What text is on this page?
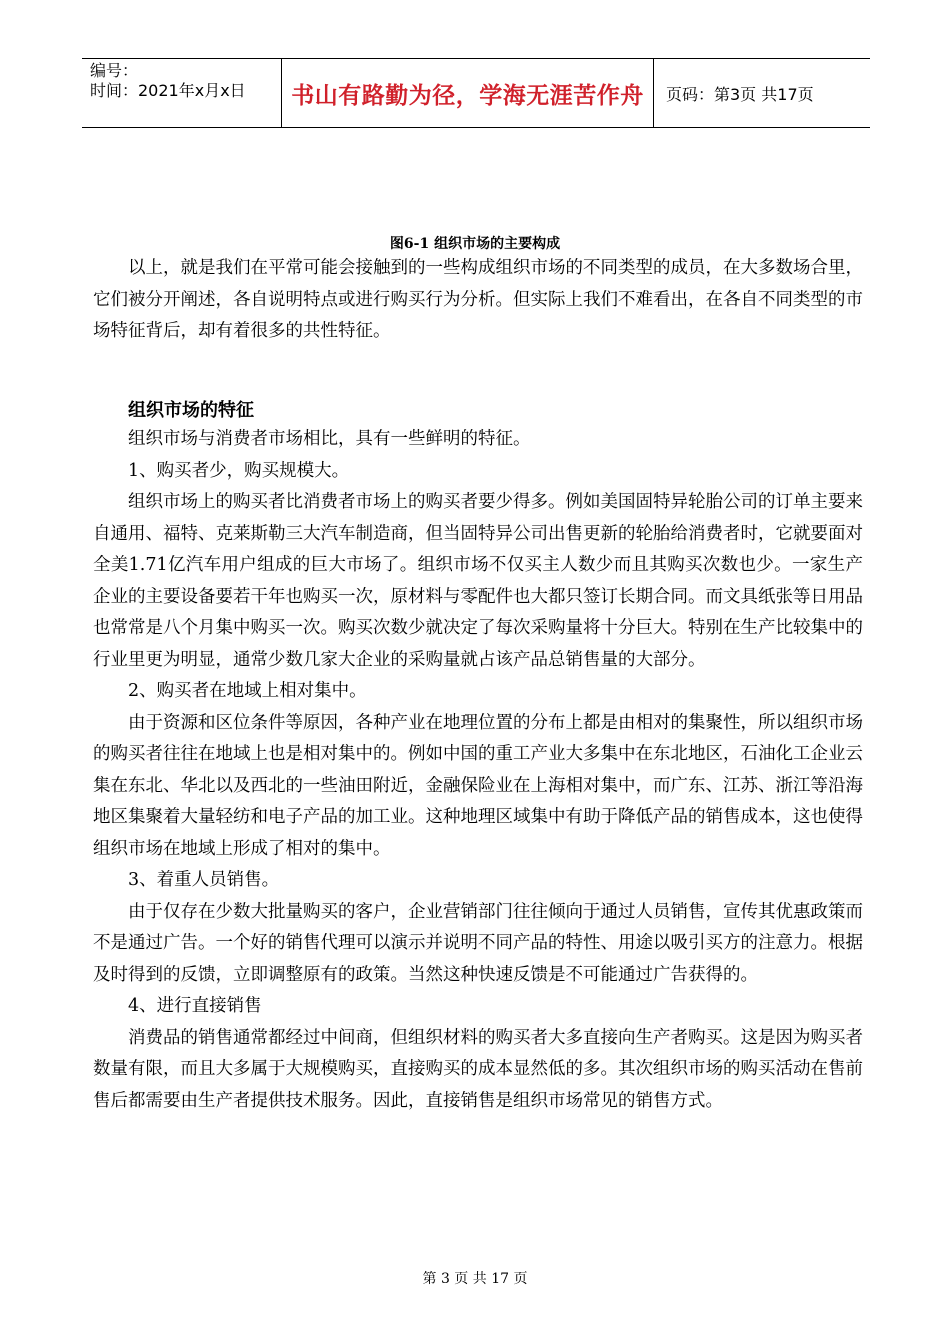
编号：
时间：2021年x月x日 书山有路勤为径，学海无涯苦作舟	页码：第3页 共17页
图6-1 组织市场的主要构成

以上，就是我们在平常可能会接触到的一些构成组织市场的不同类型的成员，在大多数场合里，它们被分开阐述，各自说明特点或进行购买行为分析。但实际上我们不难看出，在各自不同类型的市场特征背后，却有着很多的共性特征。

组织市场的特征

组织市场与消费者市场相比，具有一些鲜明的特征。

1、购买者少，购买规模大。

组织市场上的购买者比消费者市场上的购买者要少得多。例如美国固特异轮胎公司的订单主要来自通用、福特、克莱斯勒三大汽车制造商，但当固特异公司出售更新的轮胎给消费者时，它就要面对全美1.71亿汽车用户组成的巨大市场了。组织市场不仅买主人数少而且其购买次数也少。一家生产企业的主要设备要若干年也购买一次，原材料与零配件也大都只签订长期合同。而文具纸张等日用品也常常是八个月集中购买一次。购买次数少就决定了每次采购量将十分巨大。特别在生产比较集中的行业里更为明显，通常少数几家大企业的采购量就占该产品总销售量的大部分。

2、购买者在地域上相对集中。

由于资源和区位条件等原因，各种产业在地理位置的分布上都是由相对的集聚性，所以组织市场的购买者往往在地域上也是相对集中的。例如中国的重工产业大多集中在东北地区，石油化工企业云集在东北、华北以及西北的一些油田附近，金融保险业在上海相对集中，而广东、江苏、浙江等沿海地区集聚着大量轻纺和电子产品的加工业。这种地理区域集中有助于降低产品的销售成本，这也使得组织市场在地域上形成了相对的集中。

3、着重人员销售。

由于仅存在少数大批量购买的客户，企业营销部门往往倾向于通过人员销售，宣传其优惠政策而不是通过广告。一个好的销售代理可以演示并说明不同产品的特性、用途以吸引买方的注意力。根据及时得到的反馈，立即调整原有的政策。当然这种快速反馈是不可能通过广告获得的。

4、进行直接销售

消费品的销售通常都经过中间商，但组织材料的购买者大多直接向生产者购买。这是因为购买者数量有限，而且大多属于大规模购买，直接购买的成本显然低的多。其次组织市场的购买活动在售前售后都需要由生产者提供技术服务。因此，直接销售是组织市场常见的销售方式。

第 3 页 共 17 页
